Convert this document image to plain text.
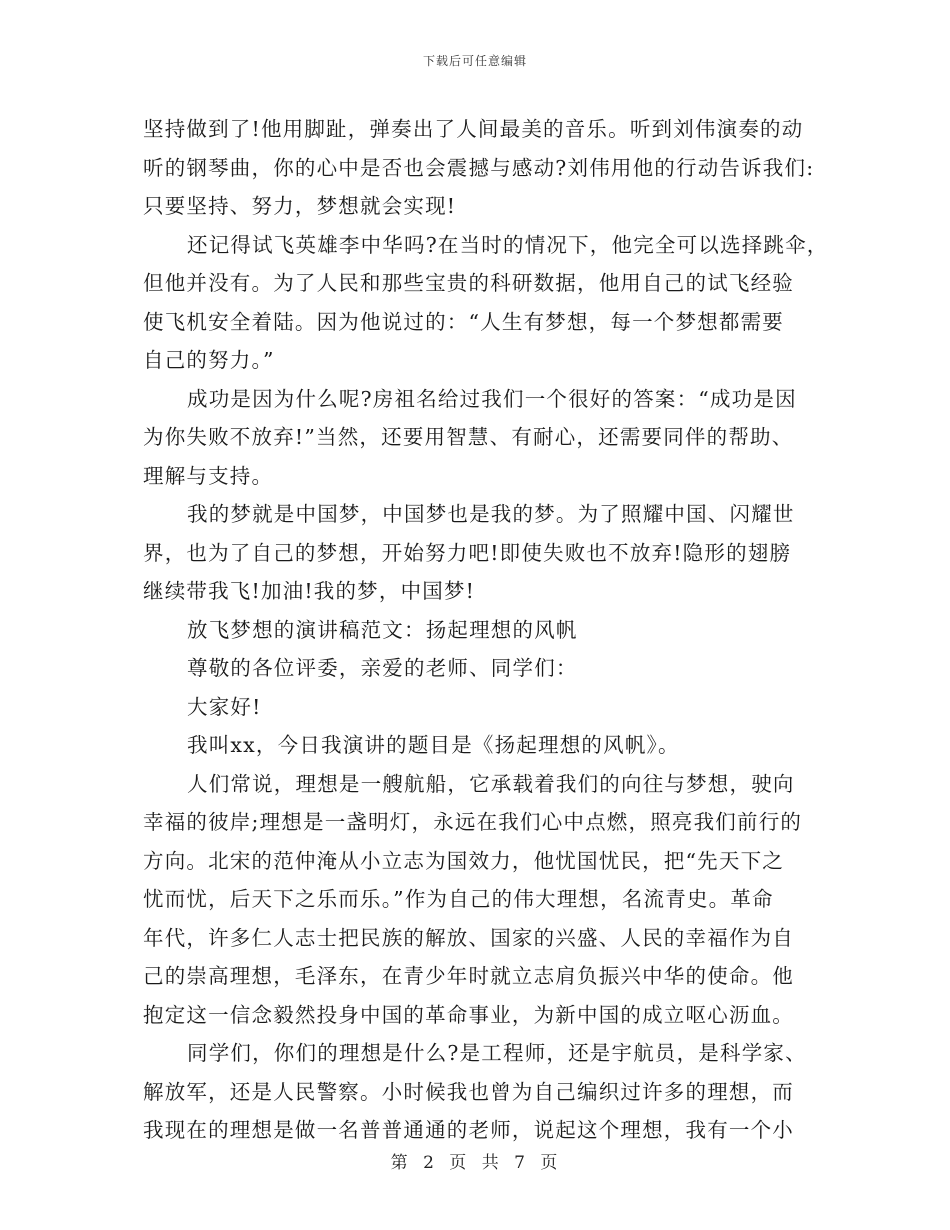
下载后可任意编辑
坚持做到了!他用脚趾，弹奏出了人间最美的音乐。听到刘伟演奏的动
听的钢琴曲，你的心中是否也会震撼与感动?刘伟用他的行动告诉我们:
只要坚持、努力，梦想就会实现!
还记得试飞英雄李中华吗?在当时的情况下，他完全可以选择跳伞，
但他并没有。为了人民和那些宝贵的科研数据，他用自己的试飞经验
使飞机安全着陆。因为他说过的：“人生有梦想，每一个梦想都需要
自己的努力。”
成功是因为什么呢?房祖名给过我们一个很好的答案：“成功是因
为你失败不放弃!”当然，还要用智慧、有耐心，还需要同伴的帮助、
理解与支持。
我的梦就是中国梦，中国梦也是我的梦。为了照耀中国、闪耀世
界，也为了自己的梦想，开始努力吧!即使失败也不放弃!隐形的翅膀
继续带我飞!加油!我的梦，中国梦!
放飞梦想的演讲稿范文：扬起理想的风帆
尊敬的各位评委，亲爱的老师、同学们：
大家好!
我叫xx，今日我演讲的题目是《扬起理想的风帆》。
人们常说，理想是一艘航船，它承载着我们的向往与梦想，驶向
幸福的彼岸;理想是一盏明灯，永远在我们心中点燃，照亮我们前行的
方向。北宋的范仲淹从小立志为国效力，他忧国忧民，把“先天下之
忧而忧，后天下之乐而乐。”作为自己的伟大理想，名流青史。革命
年代，许多仁人志士把民族的解放、国家的兴盛、人民的幸福作为自
己的崇高理想，毛泽东，在青少年时就立志肩负振兴中华的使命。他
抱定这一信念毅然投身中国的革命事业，为新中国的成立呕心沥血。
同学们，你们的理想是什么?是工程师，还是宇航员，是科学家、
解放军，还是人民警察。小时候我也曾为自己编织过许多的理想，而
我现在的理想是做一名普普通通的老师，说起这个理想，我有一个小
第 2 页 共 7 页
